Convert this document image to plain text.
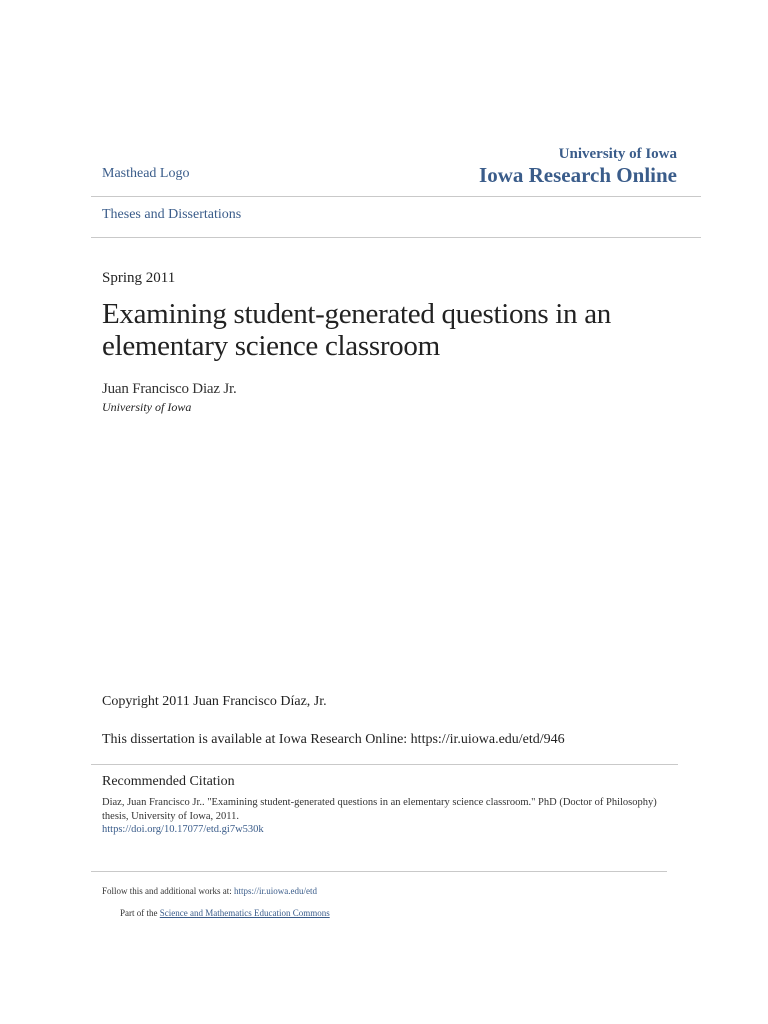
Masthead Logo
University of Iowa
Iowa Research Online
Theses and Dissertations
Spring 2011
Examining student-generated questions in an elementary science classroom
Juan Francisco Diaz Jr.
University of Iowa
Copyright 2011 Juan Francisco Díaz, Jr.
This dissertation is available at Iowa Research Online: https://ir.uiowa.edu/etd/946
Recommended Citation
Diaz, Juan Francisco Jr.. "Examining student-generated questions in an elementary science classroom." PhD (Doctor of Philosophy) thesis, University of Iowa, 2011.
https://doi.org/10.17077/etd.gi7w530k
Follow this and additional works at: https://ir.uiowa.edu/etd
Part of the Science and Mathematics Education Commons
